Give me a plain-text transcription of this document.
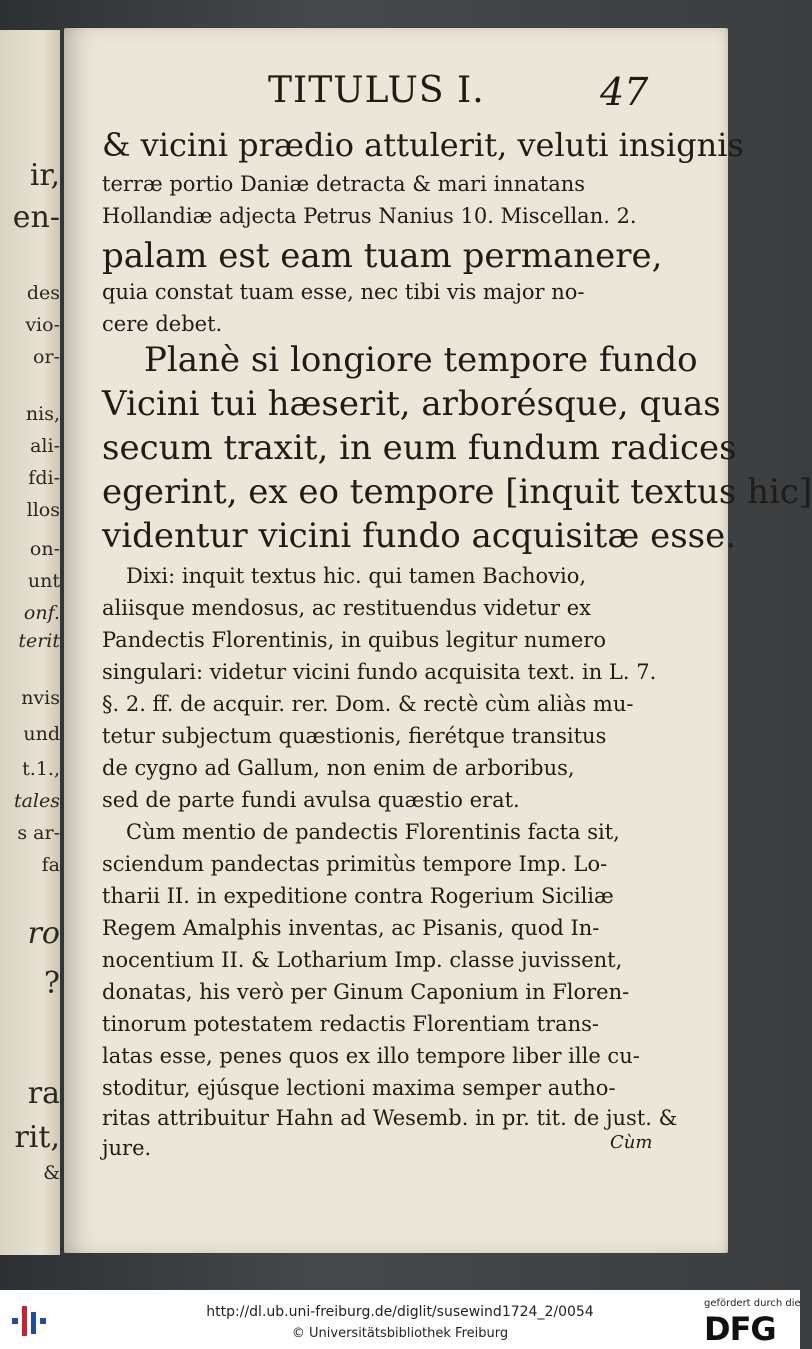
ir,
en-
des
vio-
or-
nis,
ali-
fdi-
llos
on-
unt
onf.
terit
nvis
und
t.1.,
tales
s ar-
fa
ro
?
ra
rit,
&
TITULUS I.	47
& vicini prædio attulerit, veluti insignis
terræ portio Daniæ detracta & mari innatans
Hollandiæ adjecta Petrus Nanius 10. Miscellan. 2.
palam est eam tuam permanere,
quia constat tuam esse, nec tibi vis major no-
cere debet.
Planè si longiore tempore fundo
Vicini tui hæserit, arborésque, quas
secum traxit, in eum fundum radices
egerint, ex eo tempore [inquit textus hic]
videntur vicini fundo acquisitæ esse.
Dixi: inquit textus hic. qui tamen Bachovio,
aliisque mendosus, ac restituendus videtur ex
Pandectis Florentinis, in quibus legitur numero
singulari: videtur vicini fundo acquisita text. in L. 7.
§. 2. ff. de acquir. rer. Dom. & rectè cùm aliàs mu-
tetur subjectum quæstionis, fierétque transitus
de cygno ad Gallum, non enim de arboribus,
sed de parte fundi avulsa quæstio erat.
Cùm mentio de pandectis Florentinis facta sit,
sciendum pandectas primitùs tempore Imp. Lo-
tharii II. in expeditione contra Rogerium Siciliæ
Regem Amalphis inventas, ac Pisanis, quod In-
nocentium II. & Lotharium Imp. classe juvissent,
donatas, his verò per Ginum Caponium in Floren-
tinorum potestatem redactis Florentiam trans-
latas esse, penes quos ex illo tempore liber ille cu-
stoditur, ejúsque lectioni maxima semper autho-
ritas attribuitur Hahn ad Wesemb. in pr. tit. de just. &
jure.	Cùm
http://dl.ub.uni-freiburg.de/diglit/susewind1724_2/0054
© Universitätsbibliothek Freiburg
gefördert durch die
DFG
